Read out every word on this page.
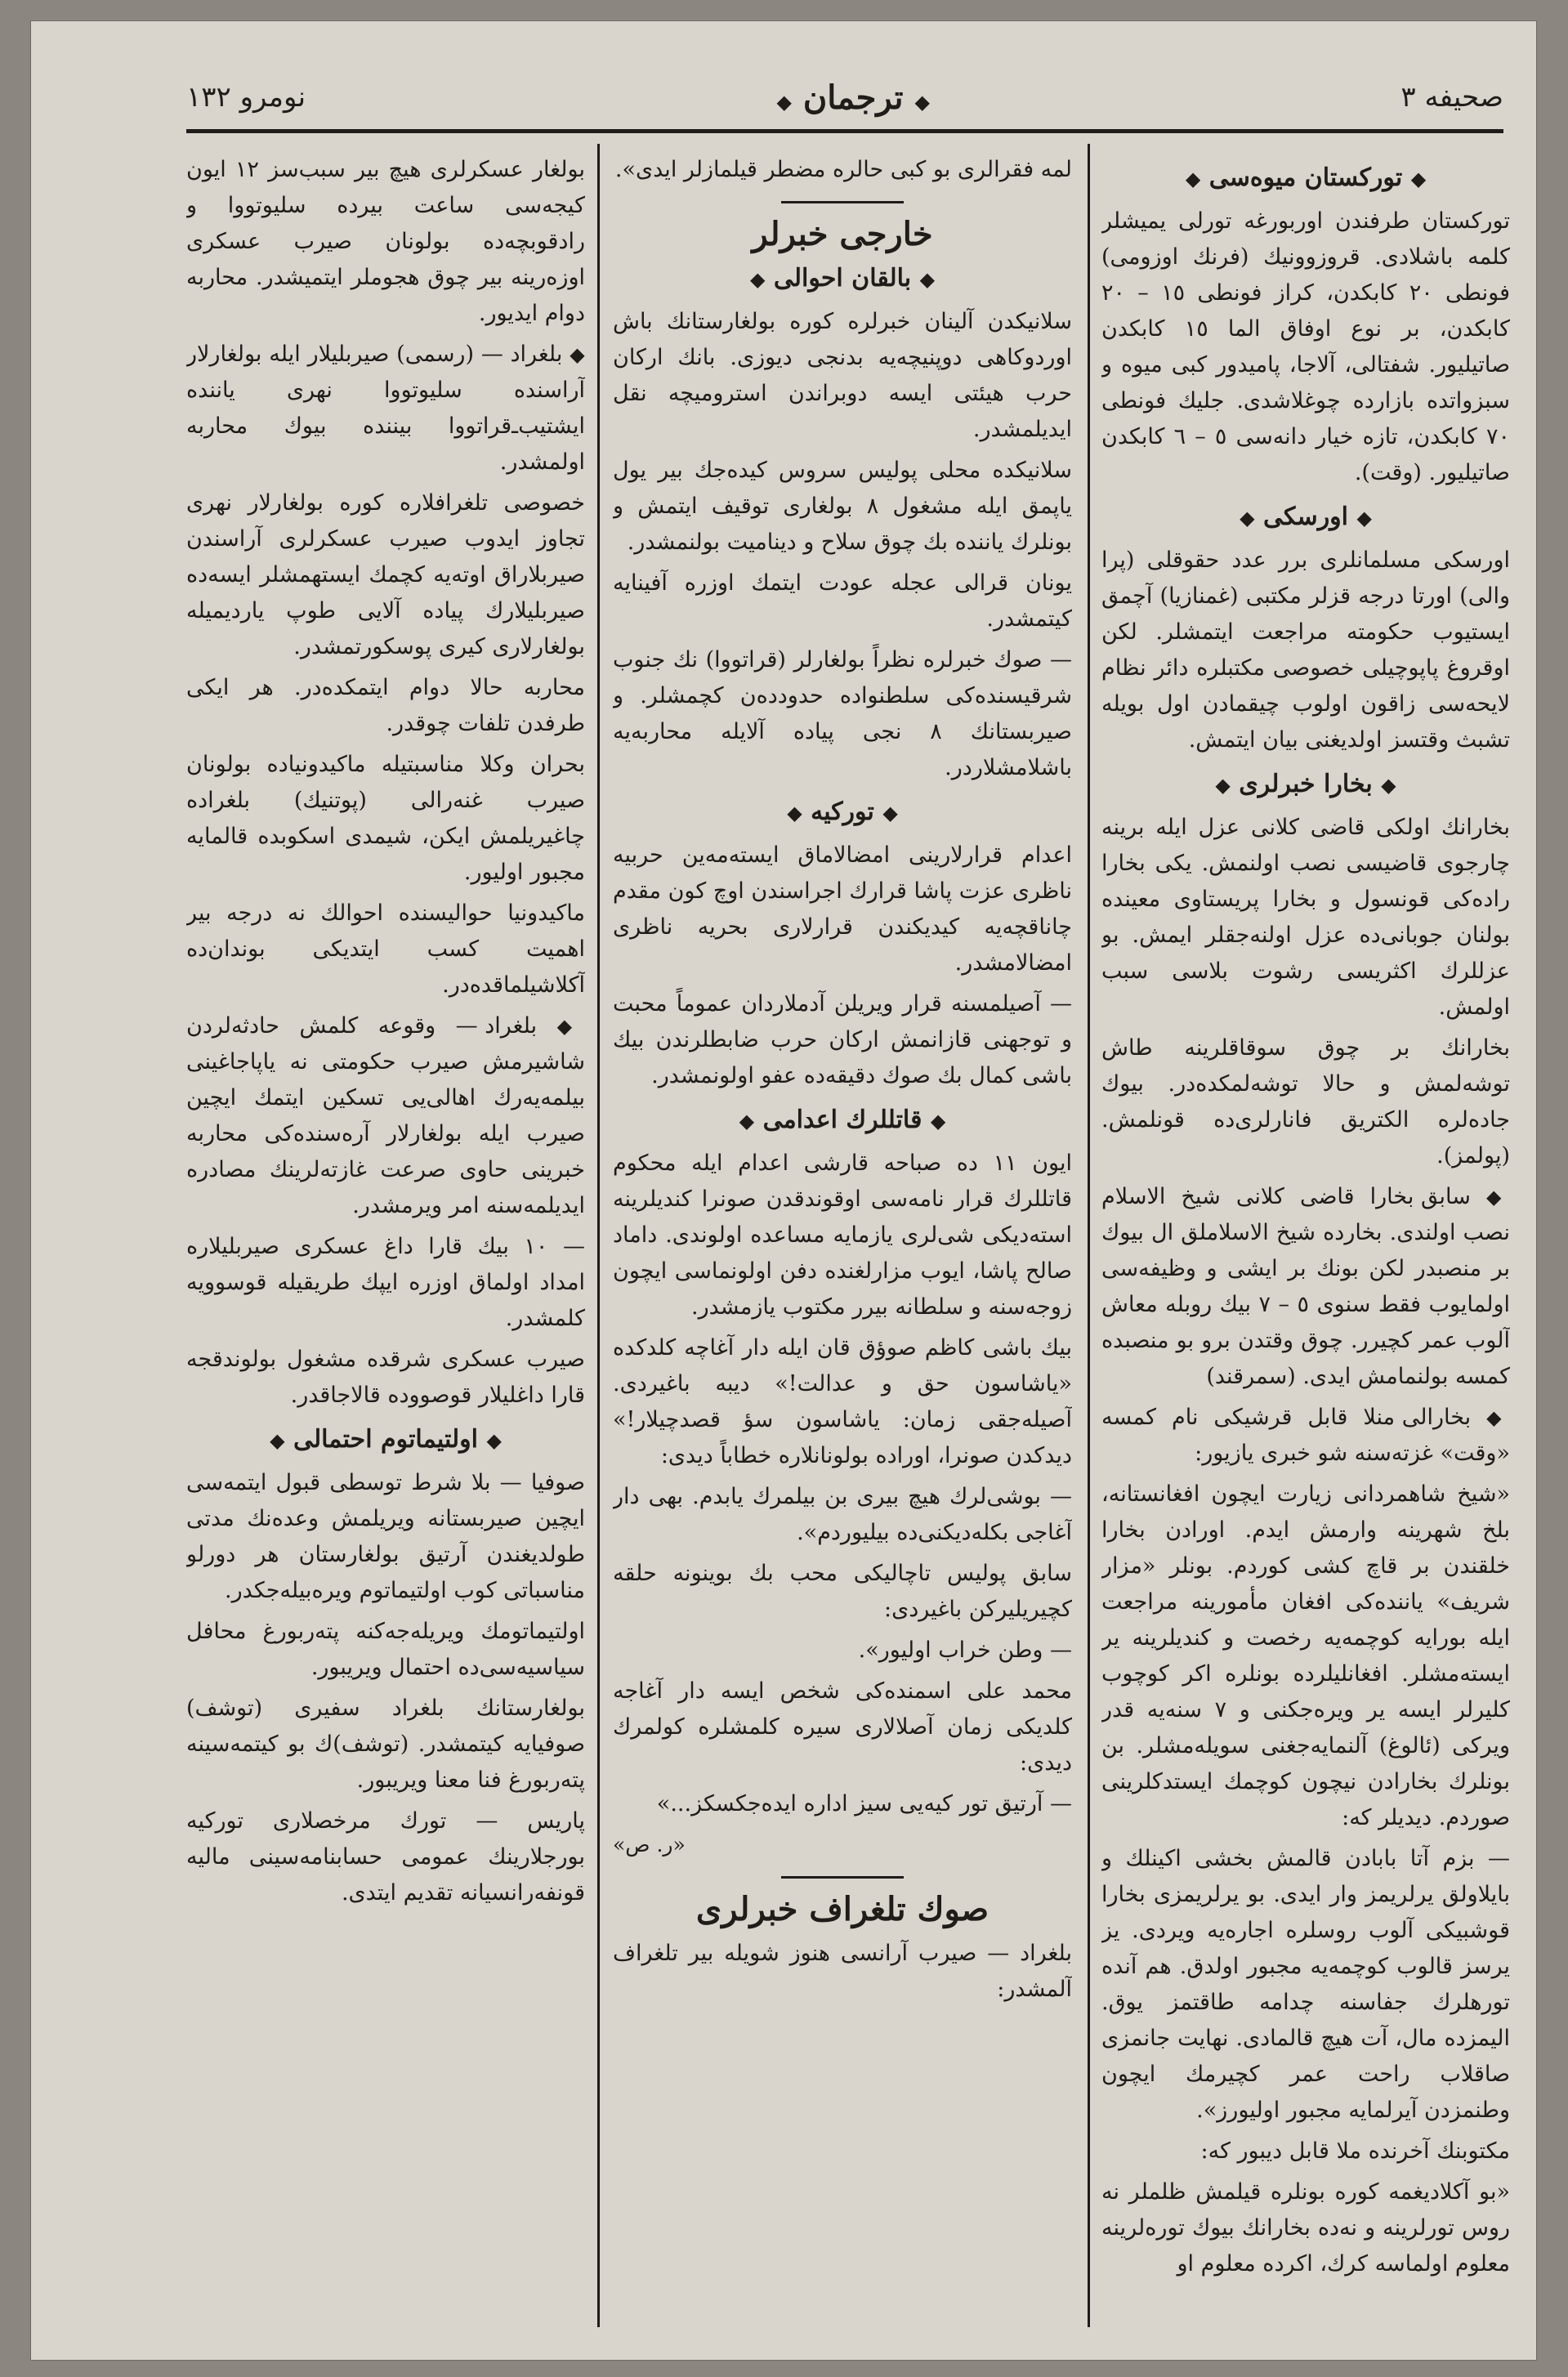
صحیفه ٣
◆ ترجمان ◆
نومرو ١٣٢
◆ توركستان میوه‌سی ◆

توركستان طرفندن اوربورغه تورلی یمیشلر كلمه باشلادی. قروزوونیك (فرنك اوزومی) فونطی ٢٠ كابكدن، كراز فونطی ١٥ – ٢٠ كابكدن، بر نوع اوفاق الما ١٥ كابكدن صاتیلیور. شفتالی، آلاجا، پامیدور كبی میوه و سبزواتده بازارده چوغلاشدی. جلیك فونطی ٧٠ كابكدن، تازه خیار دانه‌سی ٥ – ٦ كابكدن صاتیلیور. (وقت).

◆ اورسكی ◆

اورسكی مسلمانلری برر عدد حقوقلی (پرا والی) اورتا درجه قزلر مكتبی (غمنازیا) آچمق ایستیوب حكومته مراجعت ایتمشلر. لكن اوقروغ پاپوچیلی خصوصی مكتبلره دائر نظام لایحه‌سی زاقون اولوب چیقمادن اول بویله تشبث وقتسز اولدیغنی بیان ایتمش.

◆ بخارا خبرلری ◆

بخارانك اولكی قاضی كلانی عزل ایله برینه چارجوی قاضیسی نصب اولنمش. یكی بخارا راده‌كی قونسول و بخارا پریستاوی معینده بولنان جوبانی‌ده عزل اولنه‌جقلر ایمش. بو عزللرك اكثریسی رشوت بلاسی سبب اولمش.

بخارانك بر چوق سوقاقلرینه طاش توشه‌لمش و حالا توشه‌لمكده‌در. بیوك جاده‌لره الكتریق فانارلری‌ده قونلمش. (پولمز).

◆ سابق بخارا قاضی كلانی شیخ الاسلام نصب اولندی. بخارده شیخ الاسلاملق ال بیوك بر منصبدر لكن بونك بر ایشی و وظیفه‌سی اولمایوب فقط سنوی ٥ – ٧ بیك روبله معاش آلوب عمر كچیرر. چوق وقتدن برو بو منصبده كمسه بولنمامش ایدی. (سمرقند)

◆ بخارالی منلا قابل قرشیكی نام كمسه «وقت» غزته‌سنه شو خبری یازیور:

«شیخ شاهمردانی زیارت ایچون افغانستانه، بلخ شهرینه وارمش ایدم. اورادن بخارا خلقندن بر قاچ كشی كوردم. بونلر «مزار شریف» یاننده‌كی افغان مأمورینه مراجعت ایله بورایه كوچمه‌یه رخصت و كندیلرینه یر ایسته‌مشلر. افغانلیلرده بونلره اكر كوچوب كلیرلر ایسه یر ویره‌جكنی و ٧ سنه‌یه قدر ویركی (ئالوغ) آلنمایه‌جغنی سویله‌مشلر. بن بونلرك بخارادن نیچون كوچمك ایستدكلرینی صوردم. دیدیلر كه:

— بزم آتا بابادن قالمش بخشی اكینلك و بایلاولق یرلریمز وار ایدی. بو یرلریمزی بخارا قوشبیكی آلوب روسلره اجاره‌یه ویردی. یز یرسز قالوب كوچمه‌یه مجبور اولدق. هم آنده تورهلرك جفاسنه چدامه طاقتمز یوق. الیمزده مال، آت هیچ قالمادی. نهایت جانمزی صاقلاب راحت عمر كچیرمك ایچون وطنمزدن آیرلمایه مجبور اولیورز».

مكتوبنك آخرنده ملا قابل دیبور كه:

«بو آكلادیغمه كوره بونلره قیلمش ظلملر نه روس تورلرینه و نه‌ده بخارانك بیوك توره‌لرینه معلوم اولماسه كرك، اكرده معلوم او

لمه فقرالری بو كبی حالره مضطر قیلمازلر ایدی».

خارجی خبرلر
◆ بالقان احوالی ◆

سلانیكدن آلینان خبرلره كوره بولغارستانك باش اوردوكاهی دوپنیچه‌یه بدنجی دیوزی. بانك ارکان حرب هیئتی ایسه دوبراندن استرومیچه نقل ایدیلمشدر.

سلانیكده محلی پولیس سروس كیده‌جك بیر یول یاپمق ایله مشغول ٨ بولغاری توقیف ایتمش و بونلرك یاننده بك چوق سلاح و دینامیت بولنمشدر.

یونان قرالی عجله عودت ایتمك اوزره آفینایه كیتمشدر.

— صوك خبرلره نظراً بولغارلر (قراتووا) نك جنوب شرقیسنده‌كی سلطنواده حدودده‌ن كچمشلر. و صیربستانك ٨ نجی پیاده آلایله محاربه‌یه باشلامشلاردر.

◆ توركیه ◆

اعدام قرارلارینی امضالاماق ایسته‌مه‌ین حربیه ناظری عزت پاشا قرارك اجراسندن اوچ كون مقدم چاناقچه‌یه كیدیكندن قرارلاری بحریه ناظری امضالامشدر.

— آصیلمسنه قرار ویریلن آدملاردان عموماً محبت و توجهنی قازانمش اركان حرب ضابطلرندن بیك باشی كمال بك صوك دقیقه‌ده عفو اولونمشدر.

◆ قاتللرك اعدامی ◆

ایون ١١ ده صباحه قارشی اعدام ایله محكوم قاتللرك قرار نامه‌سی اوقوندقدن صونرا كندیلرینه استه‌دیكی شی‌لری یازمایه مساعده اولوندی. داماد صالح پاشا، ایوب مزارلغنده دفن اولونماسی ایچون زوجه‌سنه و سلطانه بیرر مكتوب یازمشدر.

بیك باشی كاظم صوؤق قان ایله دار آغاچه كلدكده «یاشاسون حق و عدالت!» دیبه باغیردی. آصیله‌جقی زمان: یاشاسون سؤ قصدچیلار!» دیدكدن صونرا، اوراده بولونانلاره خطاباً دیدی:

— بوشی‌لرك هیچ بیری بن بیلمرك یابدم. بهی دار آغاجی بكله‌دیكنی‌ده بیلیوردم».

سابق پولیس تاچالیكی محب بك بوینونه حلقه كچیریلیركن باغیردی:

— وطن خراب اولیور».

محمد علی اسمنده‌كی شخص ایسه دار آغاجه كلدیكی زمان آصلالاری سیره كلمشلره كولمرك دیدی:

— آرتیق تور كیه‌یی سیز اداره ایده‌جكسكز...»

«ر. ص»
صوك تلغراف خبرلری

بلغراد — صیرب آرانسی هنوز شویله بیر تلغراف آلمشدر:

بولغار عسكرلری هیچ بیر سبب‌سز ١٢ ایون كیجه‌سی ساعت بیرده سلیوتووا و رادقوبچه‌ده بولونان صیرب عسكری اوزه‌رینه بیر چوق هجوملر ایتمیشدر. محاربه دوام ایدیور.

◆ بلغراد — (رسمی) صیربلیلار ایله بولغارلار آراسنده سلیوتووا نهری یاننده ایشتیب‌ـ‌قراتووا بیننده بیوك محاربه اولمشدر.

خصوصی تلغرافلاره كوره بولغارلار نهری تجاوز ایدوب صیرب عسكرلری آراسندن صیربلاراق اوته‌یه كچمك ایستهمشلر ایسه‌ده صیربلیلارك پیاده آلایی طوپ یاردیمیله بولغارلاری كیری پوسكورتمشدر.

محاربه حالا دوام ایتمكده‌در. هر ایكی طرفدن تلفات چوقدر.

بحران وكلا مناسبتیله ماكیدونیاده بولونان صیرب غنه‌رالی (پوتنیك) بلغراده چاغیریلمش ایكن، شیمدی اسكوبده قالمایه مجبور اولیور.

ماكیدونیا حوالیسنده احوالك نه درجه بیر اهمیت كسب ایتدیكی بوندان‌ده آكلاشیلماقده‌در.

◆ بلغراد — وقوعه كلمش حادثه‌لردن شاشیرمش صیرب حكومتی نه یاپاجاغینی بیلمه‌یه‌رك اهالی‌یی تسكین ایتمك ایچین صیرب ایله بولغارلار آره‌سنده‌كی محاربه خبرینی حاوی صرعت غازته‌لرینك مصادره ایدیلمه‌سنه امر ویرمشدر.

— ١٠ بیك قارا داغ عسكری صیربلیلاره امداد اولماق اوزره ایپك طریقیله قوسوویه كلمشدر.

صیرب عسكری شرقده مشغول بولوندقجه قارا داغلیلار قوصوودە قالاجاقدر.

◆ اولتیماتوم احتمالی ◆

صوفیا — بلا شرط توسطی قبول ایتمه‌سی ایچین صیربستانه ویریلمش وعده‌نك مدتی طولدیغندن آرتیق بولغارستان هر دورلو مناسباتی كوب اولتیماتوم ویره‌بیله‌جكدر.

اولتیماتومك ویریله‌جه‌كنه پته‌ربورغ محافل سیاسیه‌سی‌ده احتمال ویریبور.

بولغارستانك بلغراد سفیری (توشف) صوفیایه كیتمشدر. (توشف)ك بو كیتمه‌سینه پته‌ربورغ فنا معنا ویریبور.

پاریس — تورك مرخصلاری توركیه بورجلارینك عمومی حسابنامه‌سینی مالیه قونفه‌رانسیانه تقدیم ایتدی.
